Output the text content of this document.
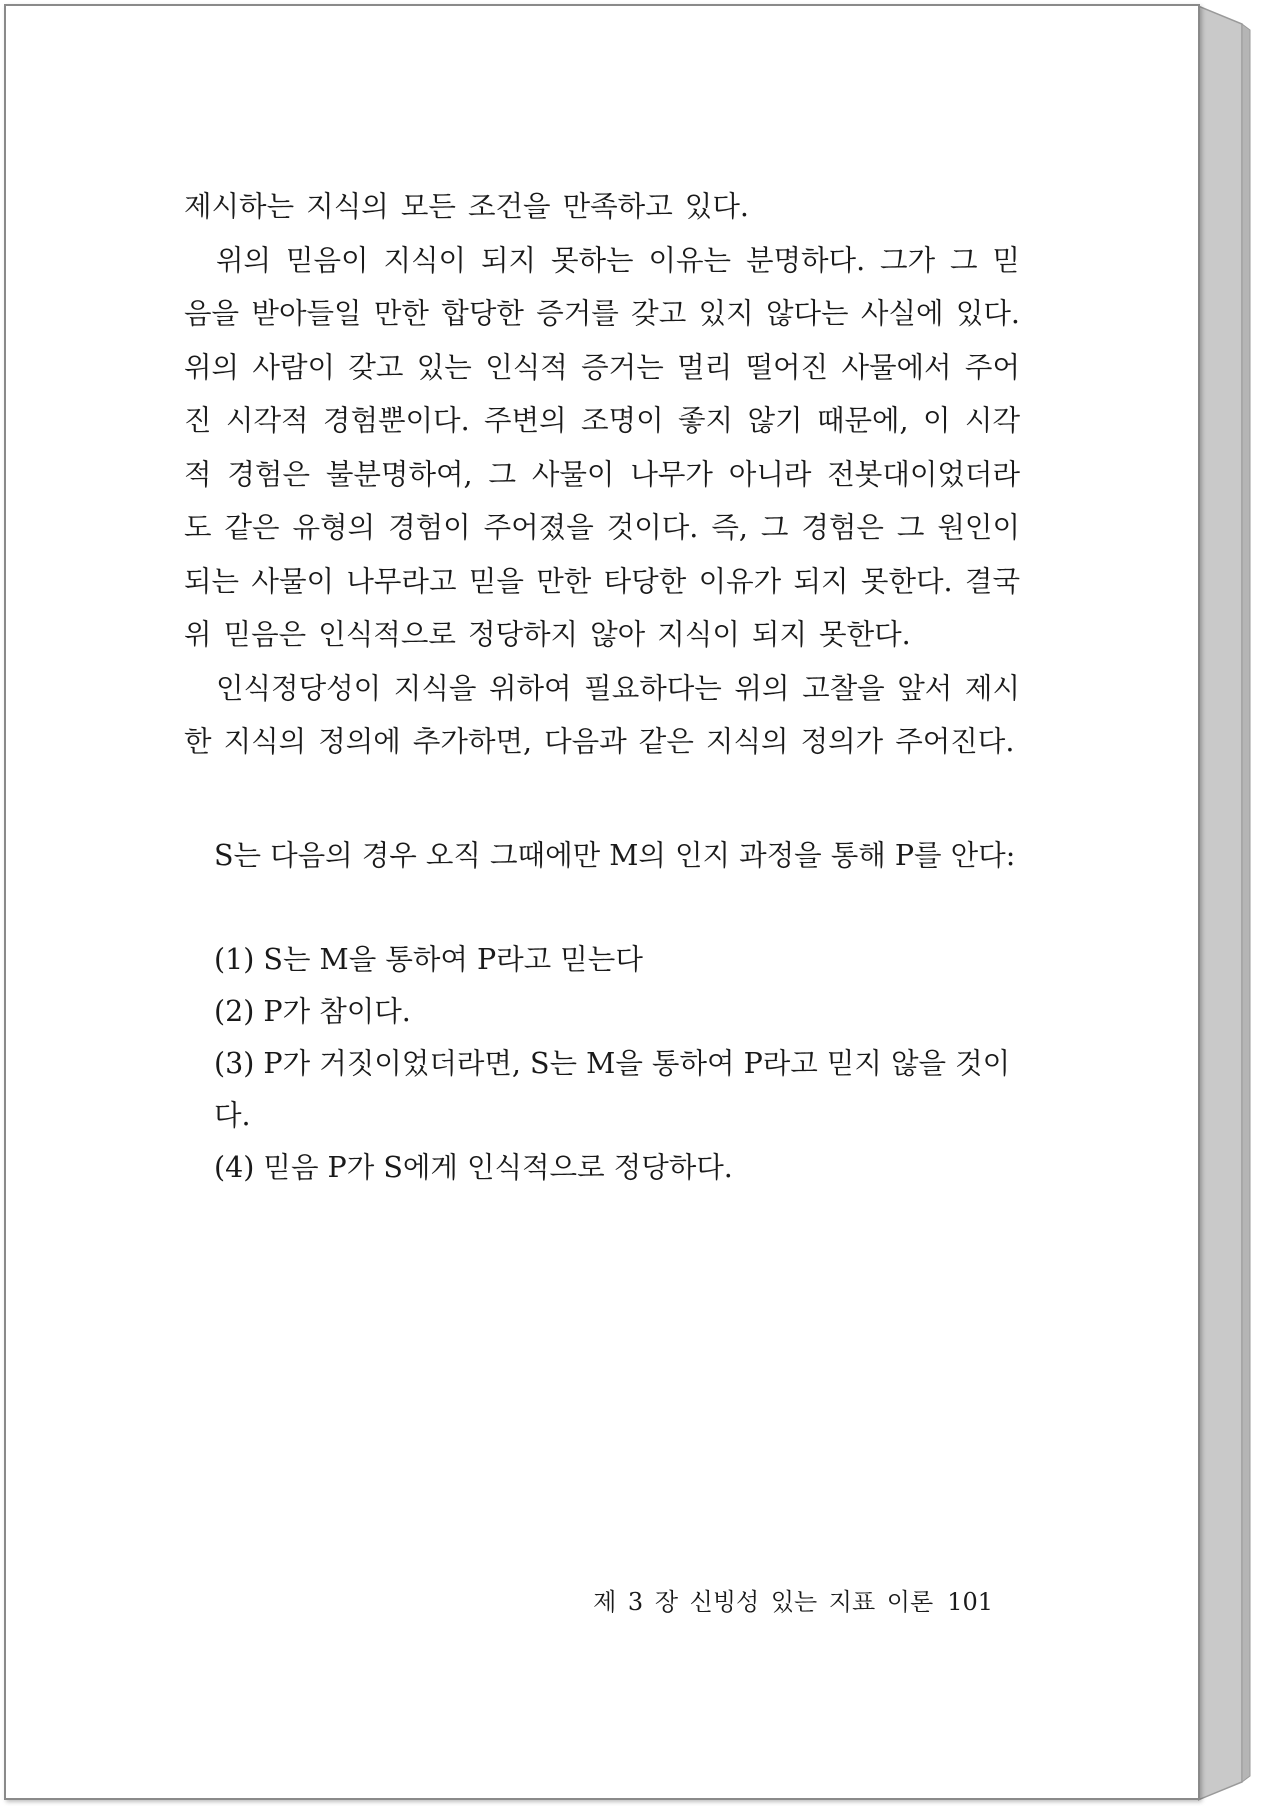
제시하는 지식의 모든 조건을 만족하고 있다.

위의 믿음이 지식이 되지 못하는 이유는 분명하다. 그가 그 믿음을 받아들일 만한 합당한 증거를 갖고 있지 않다는 사실에 있다. 위의 사람이 갖고 있는 인식적 증거는 멀리 떨어진 사물에서 주어진 시각적 경험뿐이다. 주변의 조명이 좋지 않기 때문에, 이 시각적 경험은 불분명하여, 그 사물이 나무가 아니라 전봇대이었더라도 같은 유형의 경험이 주어졌을 것이다. 즉, 그 경험은 그 원인이 되는 사물이 나무라고 믿을 만한 타당한 이유가 되지 못한다. 결국 위 믿음은 인식적으로 정당하지 않아 지식이 되지 못한다.

인식정당성이 지식을 위하여 필요하다는 위의 고찰을 앞서 제시한 지식의 정의에 추가하면, 다음과 같은 지식의 정의가 주어진다.

S는 다음의 경우 오직 그때에만 M의 인지 과정을 통해 P를 안다:
(1) S는 M을 통하여 P라고 믿는다
(2) P가 참이다.
(3) P가 거짓이었더라면, S는 M을 통하여 P라고 믿지 않을 것이다.
(4) 믿음 P가 S에게 인식적으로 정당하다.
제 3 장 신빙성 있는 지표 이론 101
